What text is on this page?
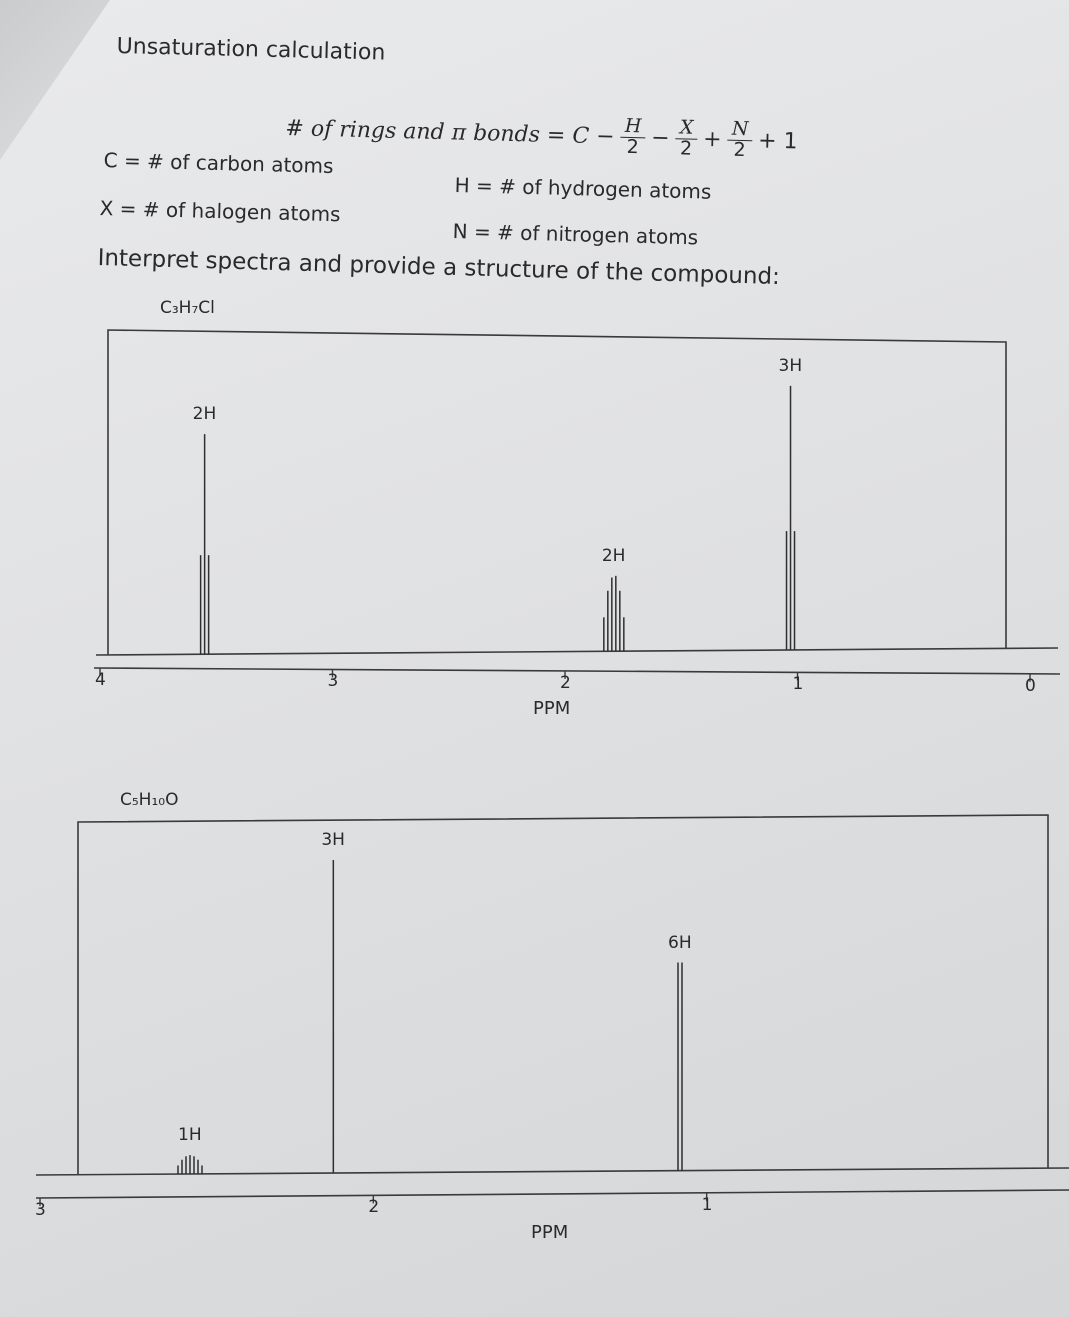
Unsaturation calculation
# of rings and π bonds = $C - \frac{H}{2} - \frac{X}{2} + \frac{N}{2} + 1$
C = # of carbon atoms
X = # of halogen atoms
H = # of hydrogen atoms
N = # of nitrogen atoms
Interpret spectra and provide a structure of the compound:
C₃H₇Cl
PPM
C₅H₁₀O
PPM
4	3	2	1	0
2H
2H
3H
3	2	1
1H
3H
6H
